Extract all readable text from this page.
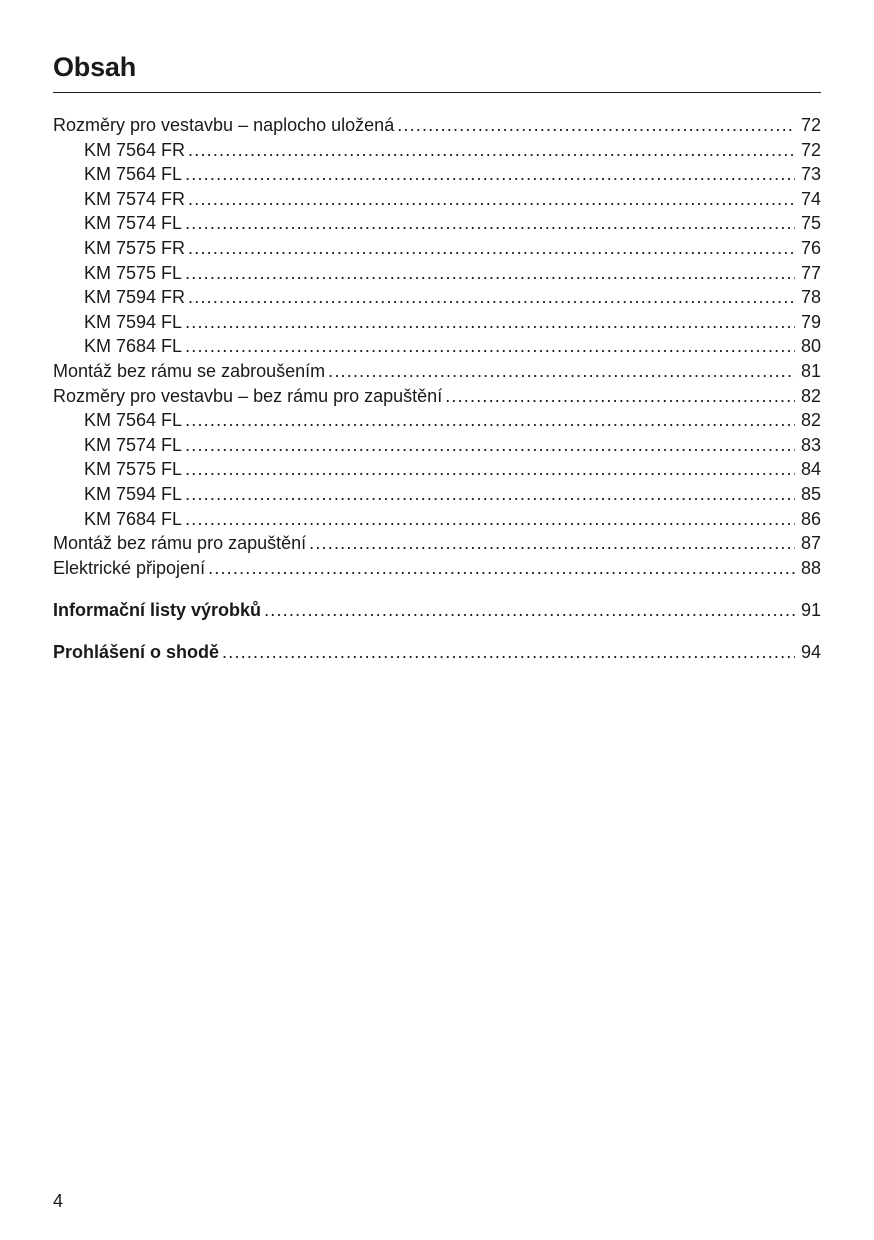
Obsah
Rozměry pro vestavbu – naplocho uložená .....	72
KM 7564 FR .....	72
KM 7564 FL .....	73
KM 7574 FR .....	74
KM 7574 FL .....	75
KM 7575 FR .....	76
KM 7575 FL .....	77
KM 7594 FR .....	78
KM 7594 FL .....	79
KM 7684 FL .....	80
Montáž bez rámu se zabroušením .....	81
Rozměry pro vestavbu – bez rámu pro zapuštění .....	82
KM 7564 FL .....	82
KM 7574 FL .....	83
KM 7575 FL .....	84
KM 7594 FL .....	85
KM 7684 FL .....	86
Montáž bez rámu pro zapuštění .....	87
Elektrické připojení .....	88
Informační listy výrobků .....	91
Prohlášení o shodě .....	94
4
